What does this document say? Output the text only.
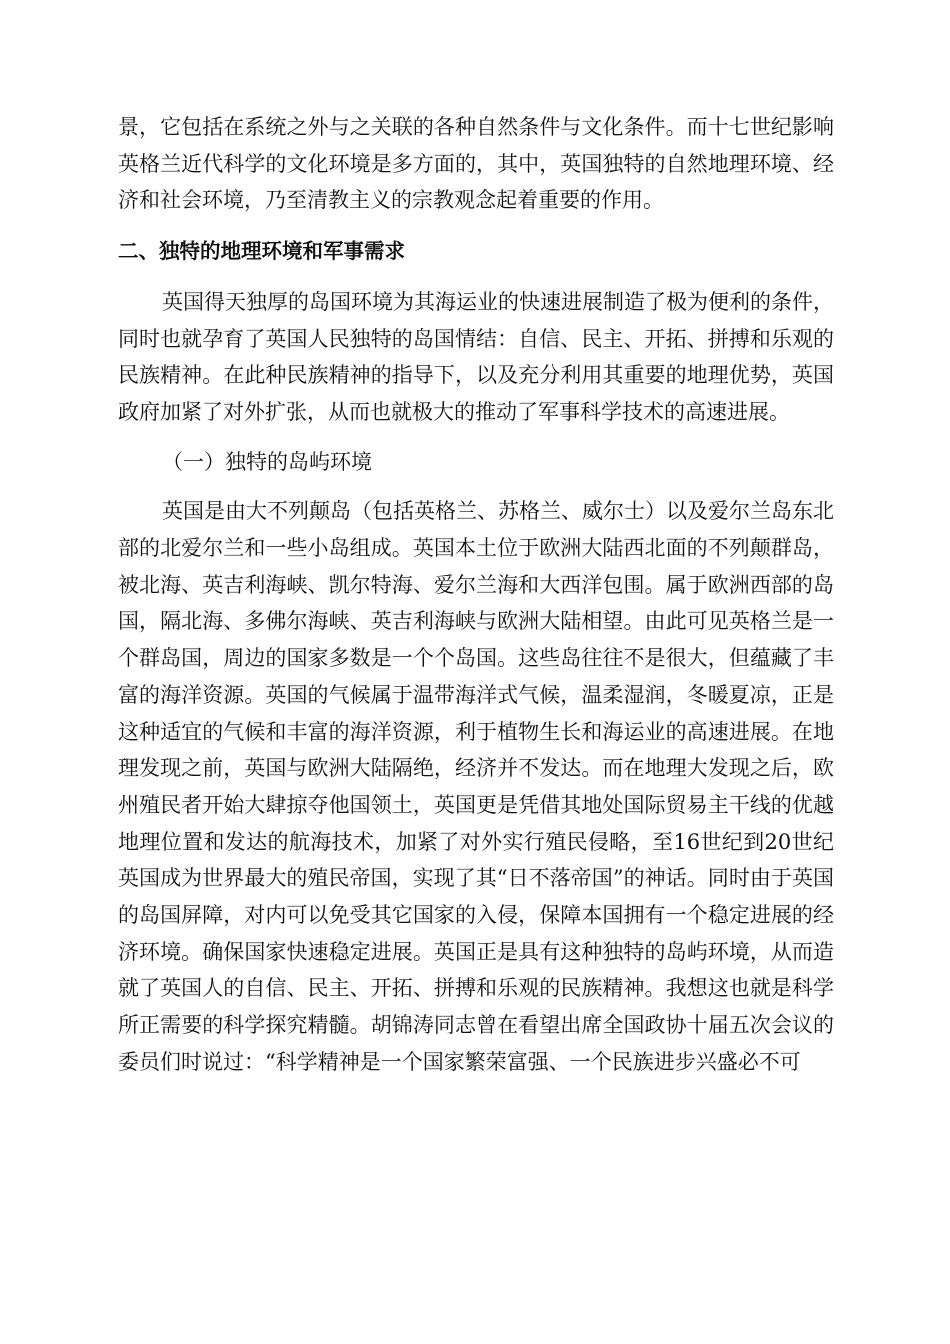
景，它包括在系统之外与之关联的各种自然条件与文化条件。而十七世纪影响英格兰近代科学的文化环境是多方面的，其中，英国独特的自然地理环境、经济和社会环境，乃至清教主义的宗教观念起着重要的作用。

二、独特的地理环境和军事需求

英国得天独厚的岛国环境为其海运业的快速进展制造了极为便利的条件，同时也就孕育了英国人民独特的岛国情结：自信、民主、开拓、拼搏和乐观的民族精神。在此种民族精神的指导下，以及充分利用其重要的地理优势，英国政府加紧了对外扩张，从而也就极大的推动了军事科学技术的高速进展。

（一）独特的岛屿环境

英国是由大不列颠岛（包括英格兰、苏格兰、威尔士）以及爱尔兰岛东北部的北爱尔兰和一些小岛组成。英国本土位于欧洲大陆西北面的不列颠群岛，被北海、英吉利海峡、凯尔特海、爱尔兰海和大西洋包围。属于欧洲西部的岛国，隔北海、多佛尔海峡、英吉利海峡与欧洲大陆相望。由此可见英格兰是一个群岛国，周边的国家多数是一个个岛国。这些岛往往不是很大，但蕴藏了丰富的海洋资源。英国的气候属于温带海洋式气候，温柔湿润，冬暖夏凉，正是这种适宜的气候和丰富的海洋资源，利于植物生长和海运业的高速进展。在地理发现之前，英国与欧洲大陆隔绝，经济并不发达。而在地理大发现之后，欧州殖民者开始大肆掠夺他国领土，英国更是凭借其地处国际贸易主干线的优越地理位置和发达的航海技术，加紧了对外实行殖民侵略，至16世纪到20世纪英国成为世界最大的殖民帝国，实现了其“日不落帝国”的神话。同时由于英国的岛国屏障，对内可以免受其它国家的入侵，保障本国拥有一个稳定进展的经济环境。确保国家快速稳定进展。英国正是具有这种独特的岛屿环境，从而造就了英国人的自信、民主、开拓、拼搏和乐观的民族精神。我想这也就是科学所正需要的科学探究精髓。胡锦涛同志曾在看望出席全国政协十届五次会议的委员们时说过：“科学精神是一个国家繁荣富强、一个民族进步兴盛必不可
